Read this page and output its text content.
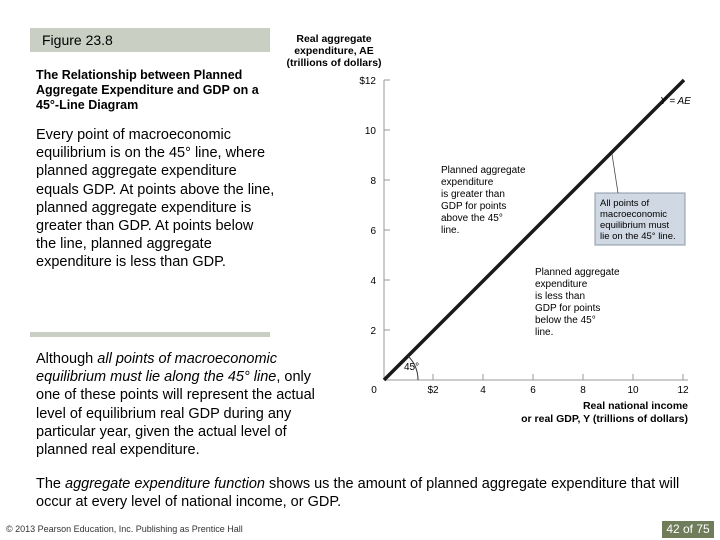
Figure 23.8
The Relationship between Planned Aggregate Expenditure and GDP on a 45°-Line Diagram
Every point of macroeconomic equilibrium is on the 45° line, where planned aggregate expenditure equals GDP. At points above the line, planned aggregate expenditure is greater than GDP. At points below the line, planned aggregate expenditure is less than GDP.
Although all points of macroeconomic equilibrium must lie along the 45° line, only one of these points will represent the actual level of equilibrium real GDP during any particular year, given the actual level of planned real expenditure.
The aggregate expenditure function shows us the amount of planned aggregate expenditure that will occur at every level of national income, or GDP.
© 2013 Pearson Education, Inc. Publishing as Prentice Hall	42 of 75
Real aggregate
expenditure, AE
(trillions of dollars)
$12
10
8
6
4
2
0	$2	4	6	8	10	12
Real national income
or real GDP, Y (trillions of dollars)
Y = AE
45°
Planned aggregate
expenditure
is greater than
GDP for points
above the 45°
line.
All points of
macroeconomic
equilibrium must
lie on the 45° line.
Planned aggregate
expenditure
is less than
GDP for points
below the 45°
line.
